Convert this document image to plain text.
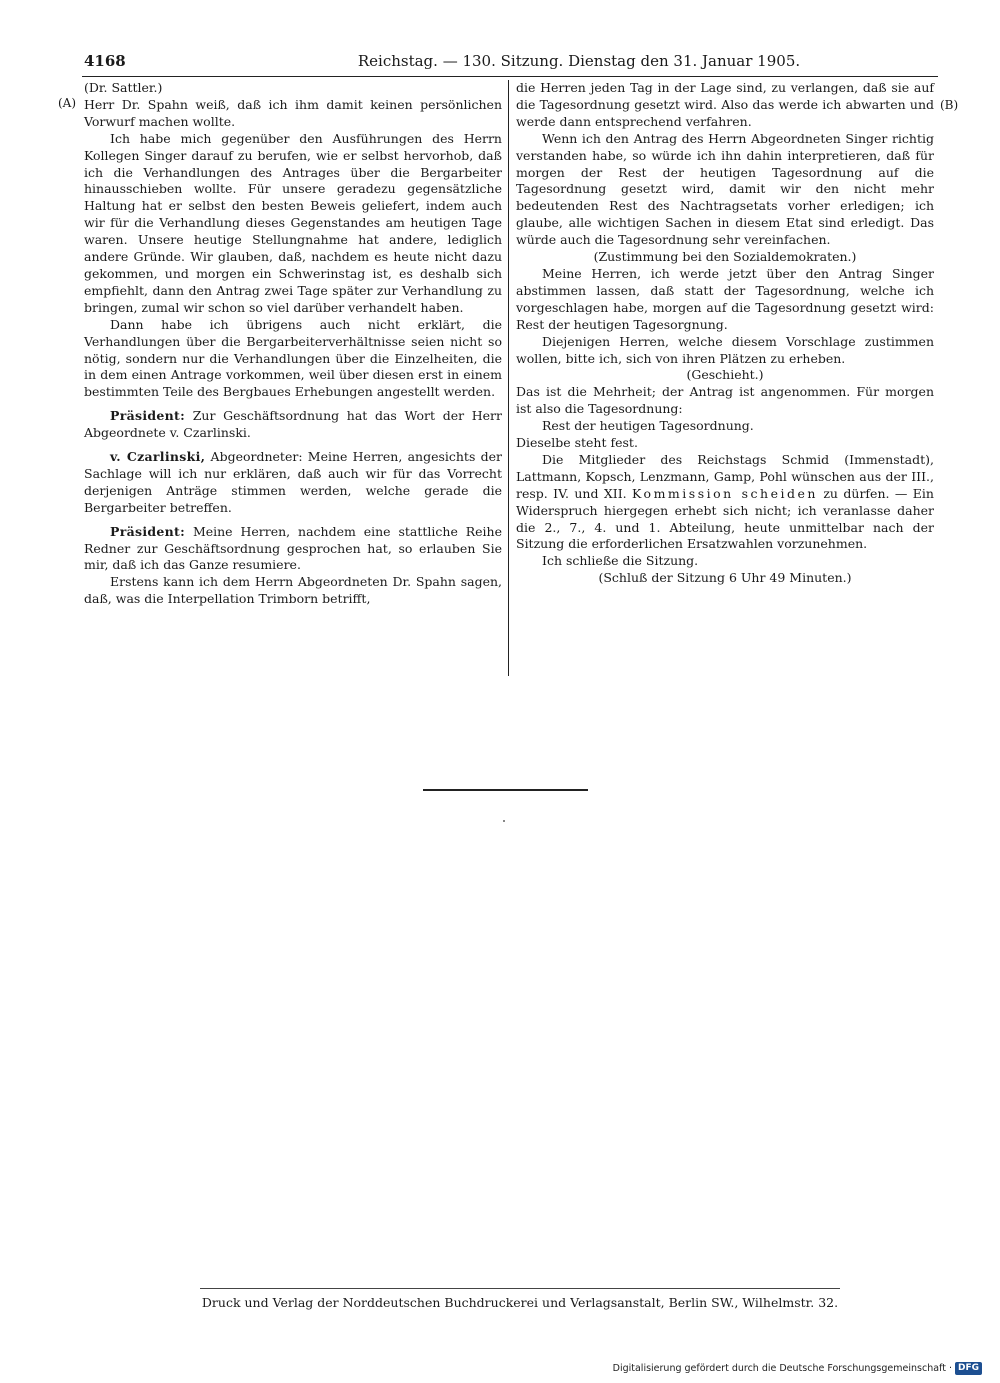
4168	Reichstag. — 130. Sitzung. Dienstag den 31. Januar 1905.
(A)	(B)

(Dr. Sattler.)

Herr Dr. Spahn weiß, daß ich ihm damit keinen persönlichen Vorwurf machen wollte.

Ich habe mich gegenüber den Ausführungen des Herrn Kollegen Singer darauf zu berufen, wie er selbst hervorhob, daß ich die Verhandlungen des Antrages über die Bergarbeiter hinausschieben wollte. Für unsere geradezu gegensätzliche Haltung hat er selbst den besten Beweis geliefert, indem auch wir für die Verhandlung dieses Gegenstandes am heutigen Tage waren. Unsere heutige Stellungnahme hat andere, lediglich andere Gründe. Wir glauben, daß, nachdem es heute nicht dazu gekommen, und morgen ein Schwerinstag ist, es deshalb sich empfiehlt, dann den Antrag zwei Tage später zur Verhandlung zu bringen, zumal wir schon so viel darüber verhandelt haben.

Dann habe ich übrigens auch nicht erklärt, die Verhandlungen über die Bergarbeiterverhältnisse seien nicht so nötig, sondern nur die Verhandlungen über die Einzelheiten, die in dem einen Antrage vorkommen, weil über diesen erst in einem bestimmten Teile des Bergbaues Erhebungen angestellt werden.

Präsident: Zur Geschäftsordnung hat das Wort der Herr Abgeordnete v. Czarlinski.

v. Czarlinski, Abgeordneter: Meine Herren, angesichts der Sachlage will ich nur erklären, daß auch wir für das Vorrecht derjenigen Anträge stimmen werden, welche gerade die Bergarbeiter betreffen.

Präsident: Meine Herren, nachdem eine stattliche Reihe Redner zur Geschäftsordnung gesprochen hat, so erlauben Sie mir, daß ich das Ganze resumiere.

Erstens kann ich dem Herrn Abgeordneten Dr. Spahn sagen, daß, was die Interpellation Trimborn betrifft,

die Herren jeden Tag in der Lage sind, zu verlangen, daß sie auf die Tagesordnung gesetzt wird. Also das werde ich abwarten und werde dann entsprechend verfahren.

Wenn ich den Antrag des Herrn Abgeordneten Singer richtig verstanden habe, so würde ich ihn dahin interpretieren, daß für morgen der Rest der heutigen Tagesordnung auf die Tagesordnung gesetzt wird, damit wir den nicht mehr bedeutenden Rest des Nachtragsetats vorher erledigen; ich glaube, alle wichtigen Sachen in diesem Etat sind erledigt. Das würde auch die Tagesordnung sehr vereinfachen.

(Zustimmung bei den Sozialdemokraten.)

Meine Herren, ich werde jetzt über den Antrag Singer abstimmen lassen, daß statt der Tagesordnung, welche ich vorgeschlagen habe, morgen auf die Tagesordnung gesetzt wird: Rest der heutigen Tagesorgnung.

Diejenigen Herren, welche diesem Vorschlage zustimmen wollen, bitte ich, sich von ihren Plätzen zu erheben.

(Geschieht.)

Das ist die Mehrheit; der Antrag ist angenommen. Für morgen ist also die Tagesordnung:

Rest der heutigen Tagesordnung.

Dieselbe steht fest.

Die Mitglieder des Reichstags Schmid (Immenstadt), Lattmann, Kopsch, Lenzmann, Gamp, Pohl wünschen aus der III., resp. IV. und XII. Kommission scheiden zu dürfen. — Ein Widerspruch hiergegen erhebt sich nicht; ich veranlasse daher die 2., 7., 4. und 1. Abteilung, heute unmittelbar nach der Sitzung die erforderlichen Ersatzwahlen vorzunehmen.

Ich schließe die Sitzung.

(Schluß der Sitzung 6 Uhr 49 Minuten.)

Druck und Verlag der Norddeutschen Buchdruckerei und Verlagsanstalt, Berlin SW., Wilhelmstr. 32.
Digitalisierung gefördert durch die Deutsche Forschungsgemeinschaft · DFG
